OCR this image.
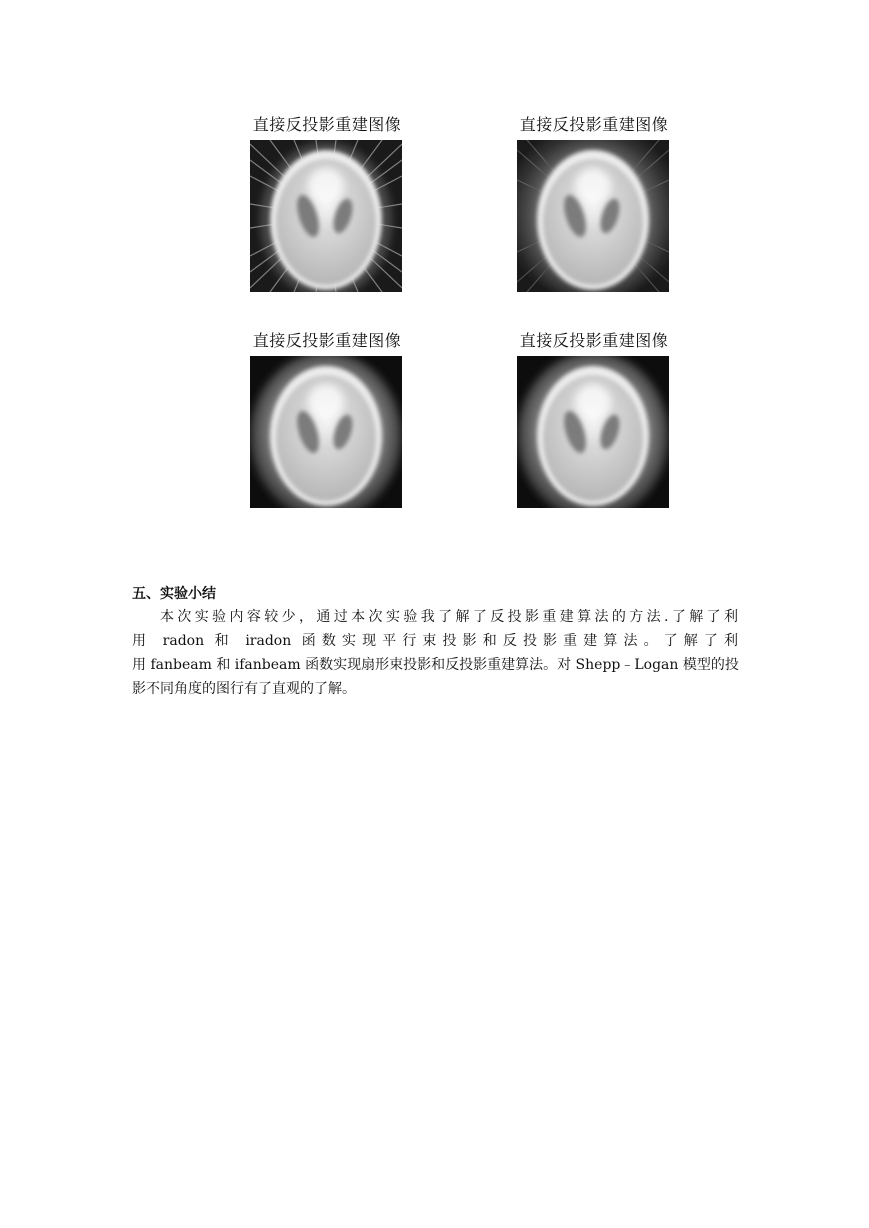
直接反投影重建图像	直接反投影重建图像
直接反投影重建图像	直接反投影重建图像
五、实验小结
本次实验内容较少，通过本次实验我了解了反投影重建算法的方法.了解了利
用 radon 和 iradon 函数实现平行束投影和反投影重建算法。了解了利
用 fanbeam 和 ifanbeam 函数实现扇形束投影和反投影重建算法。对 Shepp﹣Logan 模型的投
影不同角度的图行有了直观的了解。
